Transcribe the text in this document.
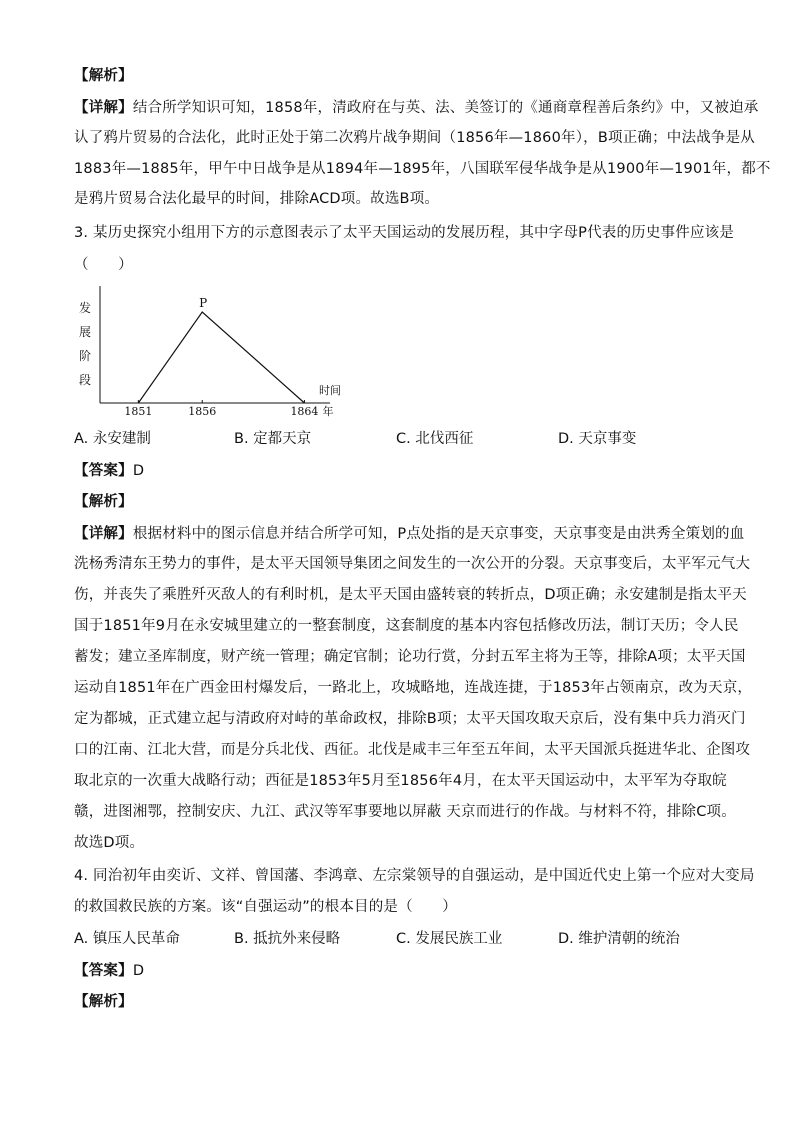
【解析】
【详解】结合所学知识可知，1858年，清政府在与英、法、美签订的《通商章程善后条约》中，又被迫承
认了鸦片贸易的合法化，此时正处于第二次鸦片战争期间（1856年—1860年），B项正确；中法战争是从
1883年—1885年，甲午中日战争是从1894年—1895年，八国联军侵华战争是从1900年—1901年，都不
是鸦片贸易合法化最早的时间，排除ACD项。故选B项。
3. 某历史探究小组用下方的示意图表示了太平天国运动的发展历程，其中字母P代表的历史事件应该是
（　　）
发展阶段
时间
年
P
1851	1856	1864
A. 永安建制	B. 定都天京	C. 北伐西征	D. 天京事变
【答案】D
【解析】
【详解】根据材料中的图示信息并结合所学可知，P点处指的是天京事变，天京事变是由洪秀全策划的血
洗杨秀清东王势力的事件，是太平天国领导集团之间发生的一次公开的分裂。天京事变后，太平军元气大
伤，并丧失了乘胜歼灭敌人的有利时机，是太平天国由盛转衰的转折点，D项正确；永安建制是指太平天
国于1851年9月在永安城里建立的一整套制度，这套制度的基本内容包括修改历法，制订天历；令人民
蓄发；建立圣库制度，财产统一管理；确定官制；论功行赏，分封五军主将为王等，排除A项；太平天国
运动自1851年在广西金田村爆发后，一路北上，攻城略地，连战连捷，于1853年占领南京，改为天京，
定为都城，正式建立起与清政府对峙的革命政权，排除B项；太平天国攻取天京后，没有集中兵力消灭门
口的江南、江北大营，而是分兵北伐、西征。北伐是咸丰三年至五年间，太平天国派兵挺进华北、企图攻
取北京的一次重大战略行动；西征是1853年5月至1856年4月，在太平天国运动中，太平军为夺取皖
赣，进图湘鄂，控制安庆、九江、武汉等军事要地以屏蔽 天京而进行的作战。与材料不符，排除C项。
故选D项。
4. 同治初年由奕䜣、文祥、曾国藩、李鸿章、左宗棠领导的自强运动，是中国近代史上第一个应对大变局
的救国救民族的方案。该“自强运动”的根本目的是（　　）
A. 镇压人民革命	B. 抵抗外来侵略	C. 发展民族工业	D. 维护清朝的统治
【答案】D
【解析】
